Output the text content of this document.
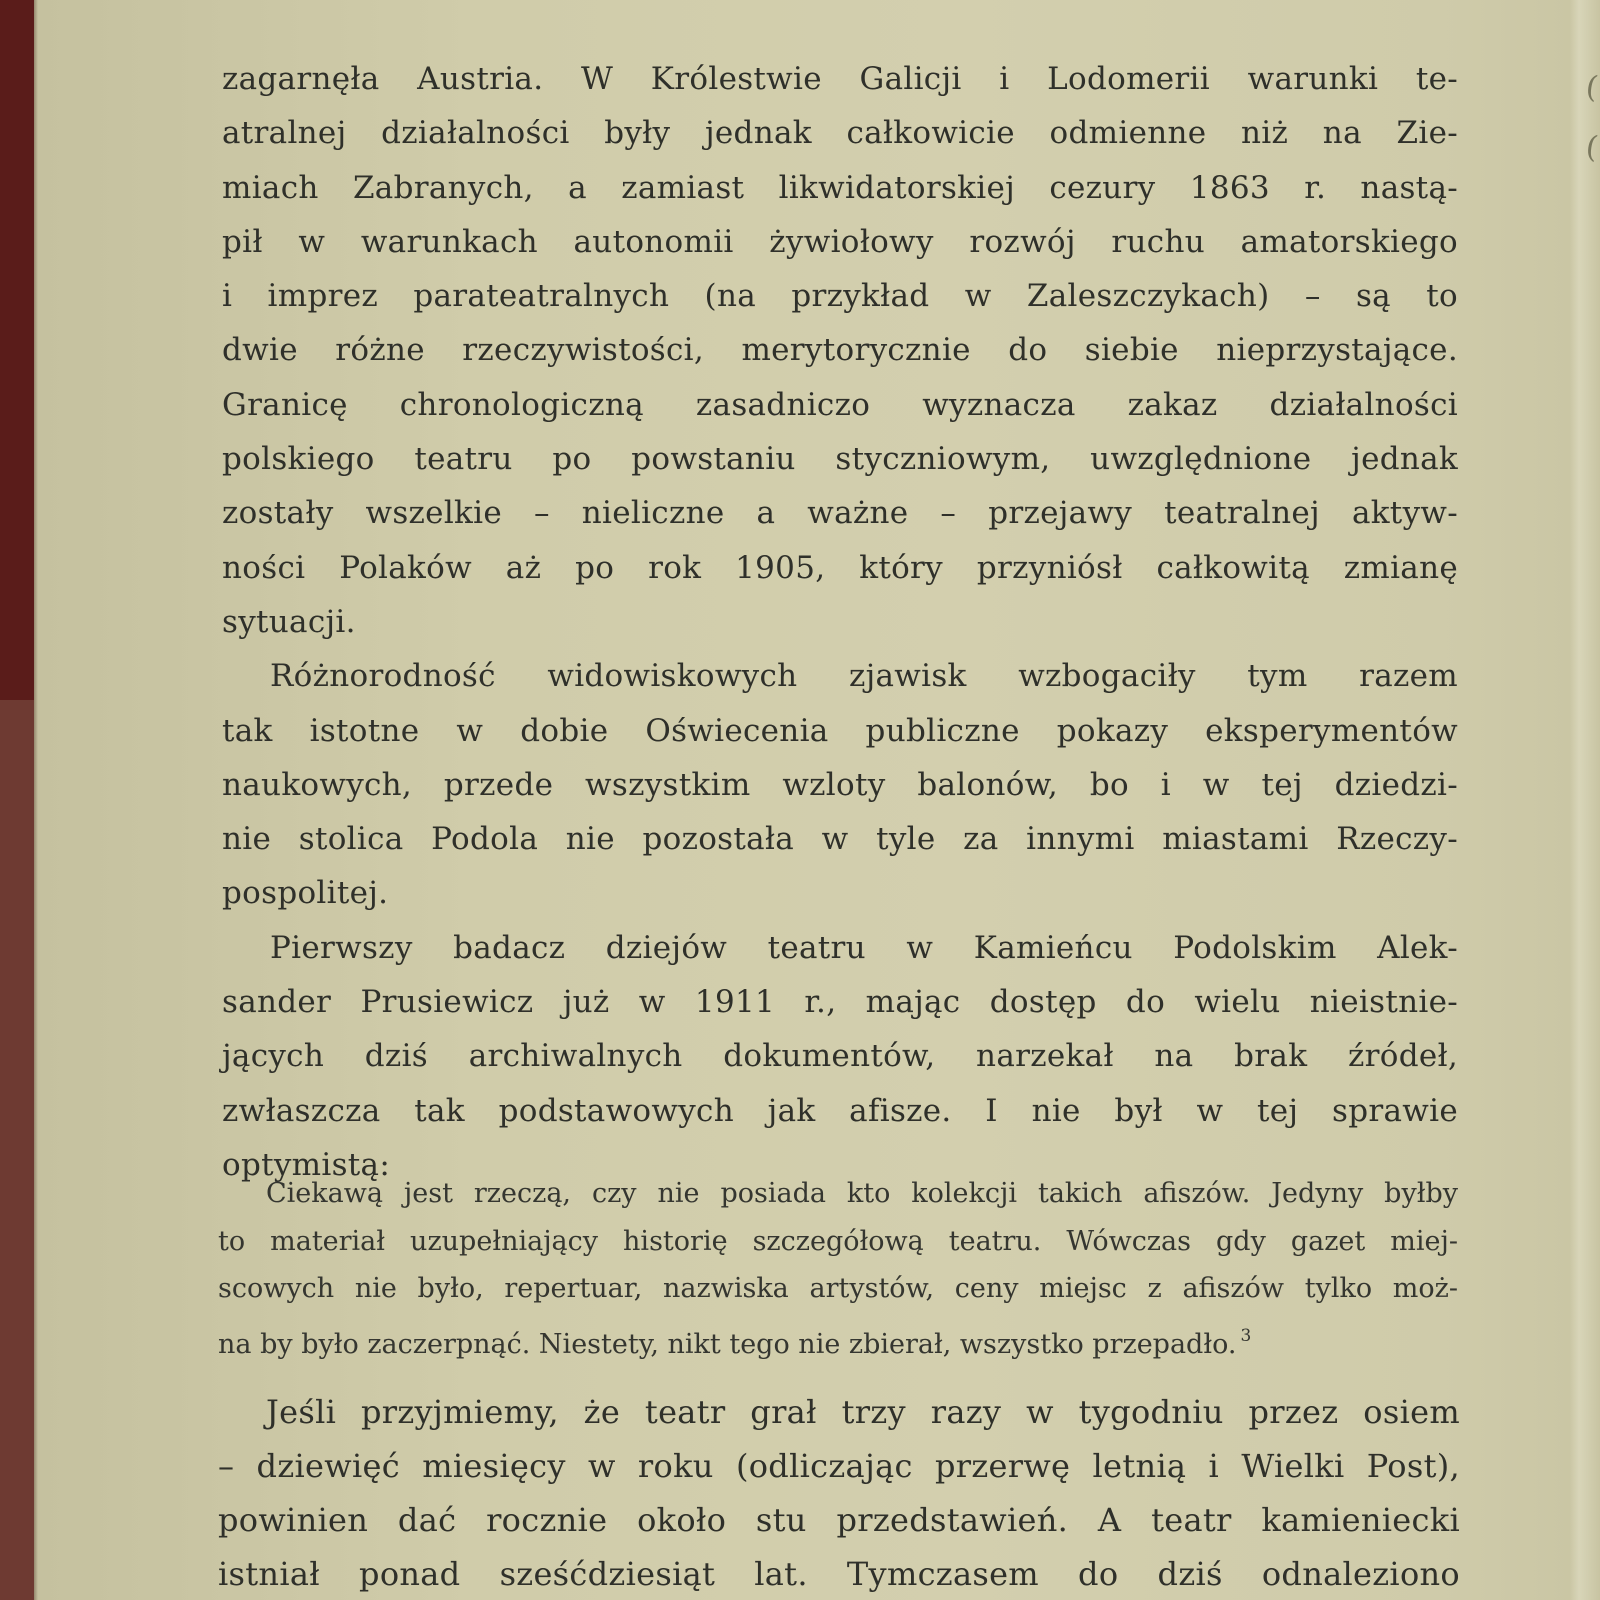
(
(
zagarnęła Austria. W Królestwie Galicji i Lodomerii warunki te-
atralnej działalności były jednak całkowicie odmienne niż na Zie-
miach Zabranych, a zamiast likwidatorskiej cezury 1863 r. nastą-
pił w warunkach autonomii żywiołowy rozwój ruchu amatorskiego
i imprez parateatralnych (na przykład w Zaleszczykach) – są to
dwie różne rzeczywistości, merytorycznie do siebie nieprzystające.
Granicę chronologiczną zasadniczo wyznacza zakaz działalności
polskiego teatru po powstaniu styczniowym, uwzględnione jednak
zostały wszelkie – nieliczne a ważne – przejawy teatralnej aktyw-
ności Polaków aż po rok 1905, który przyniósł całkowitą zmianę
sytuacji.
Różnorodność widowiskowych zjawisk wzbogaciły tym razem
tak istotne w dobie Oświecenia publiczne pokazy eksperymentów
naukowych, przede wszystkim wzloty balonów, bo i w tej dziedzi-
nie stolica Podola nie pozostała w tyle za innymi miastami Rzeczy-
pospolitej.
Pierwszy badacz dziejów teatru w Kamieńcu Podolskim Alek-
sander Prusiewicz już w 1911 r., mając dostęp do wielu nieistnie-
jących dziś archiwalnych dokumentów, narzekał na brak źródeł,
zwłaszcza tak podstawowych jak afisze. I nie był w tej sprawie
optymistą:
Ciekawą jest rzeczą, czy nie posiada kto kolekcji takich afiszów. Jedyny byłby
to materiał uzupełniający historię szczegółową teatru. Wówczas gdy gazet miej-
scowych nie było, repertuar, nazwiska artystów, ceny miejsc z afiszów tylko moż-
na by było zaczerpnąć. Niestety, nikt tego nie zbierał, wszystko przepadło. $^3$
Jeśli przyjmiemy, że teatr grał trzy razy w tygodniu przez osiem
– dziewięć miesięcy w roku (odliczając przerwę letnią i Wielki Post),
powinien dać rocznie około stu przedstawień. A teatr kamieniecki
istniał ponad sześćdziesiąt lat. Tymczasem do dziś odnaleziono
